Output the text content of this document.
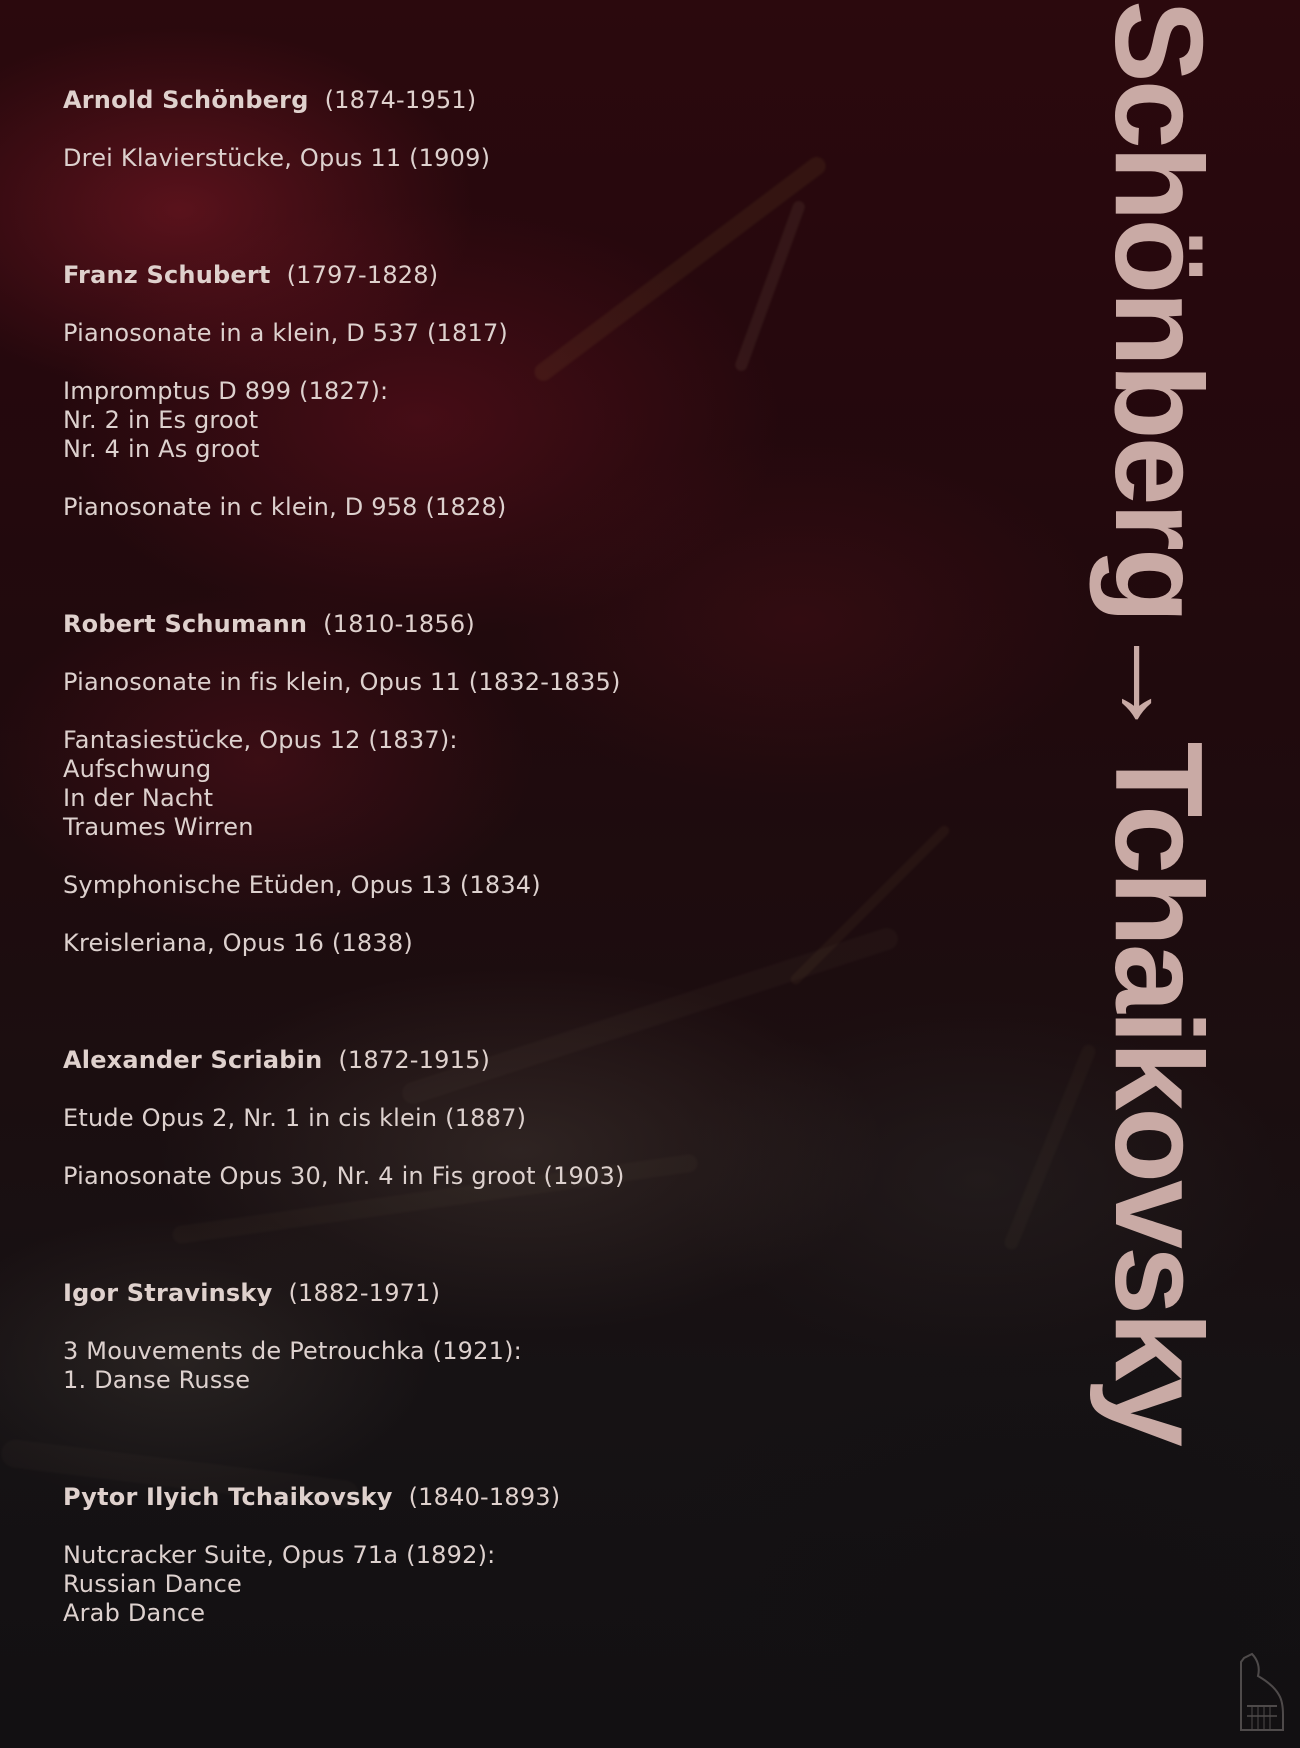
Arnold Schönberg (1874-1951)

Drei Klavierstücke, Opus 11 (1909)

Franz Schubert (1797-1828)

Pianosonate in a klein, D 537 (1817)

Impromptus D 899 (1827):

Nr. 2 in Es groot

Nr. 4 in As groot

Pianosonate in c klein, D 958 (1828)

Robert Schumann (1810-1856)

Pianosonate in fis klein, Opus 11 (1832-1835)

Fantasiestücke, Opus 12 (1837):

Aufschwung

In der Nacht

Traumes Wirren

Symphonische Etüden, Opus 13 (1834)

Kreisleriana, Opus 16 (1838)

Alexander Scriabin (1872-1915)

Etude Opus 2, Nr. 1 in cis klein (1887)

Pianosonate Opus 30, Nr. 4 in Fis groot (1903)

Igor Stravinsky (1882-1971)

3 Mouvements de Petrouchka (1921):

1. Danse Russe

Pytor Ilyich Tchaikovsky (1840-1893)

Nutcracker Suite, Opus 71a (1892):

Russian Dance

Arab Dance

Schönberg→Tchaikovsky
